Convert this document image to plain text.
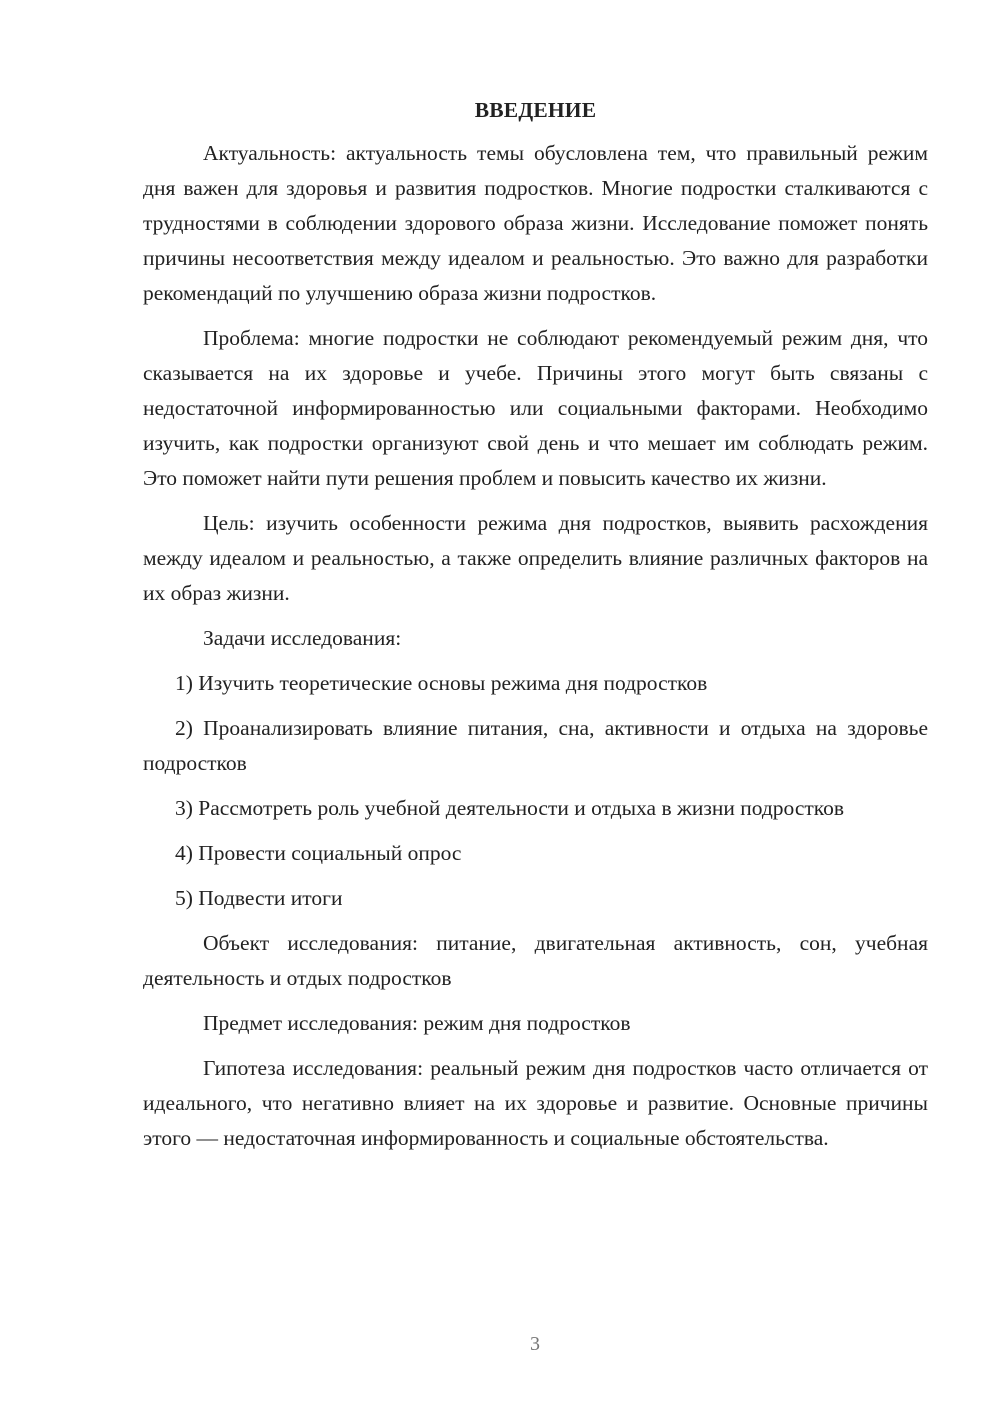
ВВЕДЕНИЕ

Актуальность: актуальность темы обусловлена тем, что правильный режим дня важен для здоровья и развития подростков. Многие подростки сталкиваются с трудностями в соблюдении здорового образа жизни. Исследование поможет понять причины несоответствия между идеалом и реальностью. Это важно для разработки рекомендаций по улучшению образа жизни подростков.

Проблема: многие подростки не соблюдают рекомендуемый режим дня, что сказывается на их здоровье и учебе. Причины этого могут быть связаны с недостаточной информированностью или социальными факторами. Необходимо изучить, как подростки организуют свой день и что мешает им соблюдать режим. Это поможет найти пути решения проблем и повысить качество их жизни.

Цель: изучить особенности режима дня подростков, выявить расхождения между идеалом и реальностью, а также определить влияние различных факторов на их образ жизни.

Задачи исследования:

1) Изучить теоретические основы режима дня подростков

2) Проанализировать влияние питания, сна, активности и отдыха на здоровье подростков

3) Рассмотреть роль учебной деятельности и отдыха в жизни подростков

4) Провести социальный опрос

5) Подвести итоги

Объект исследования: питание, двигательная активность, сон, учебная деятельность и отдых подростков

Предмет исследования: режим дня подростков

Гипотеза исследования: реальный режим дня подростков часто отличается от идеального, что негативно влияет на их здоровье и развитие. Основные причины этого — недостаточная информированность и социальные обстоятельства.

3
